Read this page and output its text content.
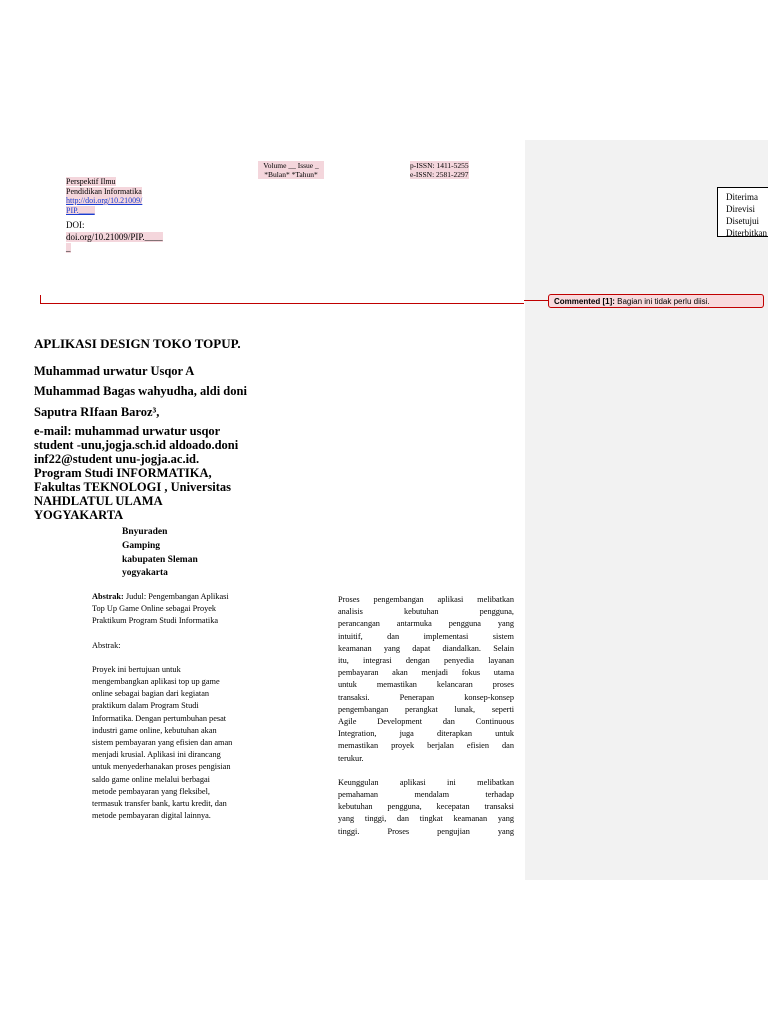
Diterima
Direvisi
Disetujui
Diterbitkan
Commented [1]: Bagian ini tidak perlu diisi.
Volume __ Issue _
*Bulan* *Tahun*
p-ISSN: 1411-5255
e-ISSN: 2581-2297
Perspektif Ilmu
Pendidikan Informatika
http://doi.org/10.21009/
PIP.____
DOI:
doi.org/10.21009/PIP.____
_
APLIKASI DESIGN TOKO TOPUP.
Muhammad urwatur Usqor A
Muhammad Bagas wahyudha, aldi doni
Saputra RIfaan Baroz³,
e-mail: muhammad urwatur usqor
student -unu,jogja.sch.id aldoado.doni
inf22@student unu-jogja.ac.id.
Program Studi INFORMATIKA,
Fakultas TEKNOLOGI , Universitas
NAHDLATUL ULAMA
YOGYAKARTA
Bnyuraden
Gamping
kabupaten Sleman
yogyakarta
Abstrak: Judul: Pengembangan Aplikasi
Top Up Game Online sebagai Proyek
Praktikum Program Studi Informatika
Abstrak:
Proyek ini bertujuan untuk
mengembangkan aplikasi top up game
online sebagai bagian dari kegiatan
praktikum dalam Program Studi
Informatika. Dengan pertumbuhan pesat
industri game online, kebutuhan akan
sistem pembayaran yang efisien dan aman
menjadi krusial. Aplikasi ini dirancang
untuk menyederhanakan proses pengisian
saldo game online melalui berbagai
metode pembayaran yang fleksibel,
termasuk transfer bank, kartu kredit, dan
metode pembayaran digital lainnya.
Proses pengembangan aplikasi melibatkan
analisis kebutuhan pengguna,
perancangan antarmuka pengguna yang
intuitif, dan implementasi sistem
keamanan yang dapat diandalkan. Selain
itu, integrasi dengan penyedia layanan
pembayaran akan menjadi fokus utama
untuk memastikan kelancaran proses
transaksi. Penerapan konsep-konsep
pengembangan perangkat lunak, seperti
Agile Development dan Continuous
Integration, juga diterapkan untuk
memastikan proyek berjalan efisien dan
terukur.
Keunggulan aplikasi ini melibatkan
pemahaman mendalam terhadap
kebutuhan pengguna, kecepatan transaksi
yang tinggi, dan tingkat keamanan yang
tinggi. Proses pengujian yang
